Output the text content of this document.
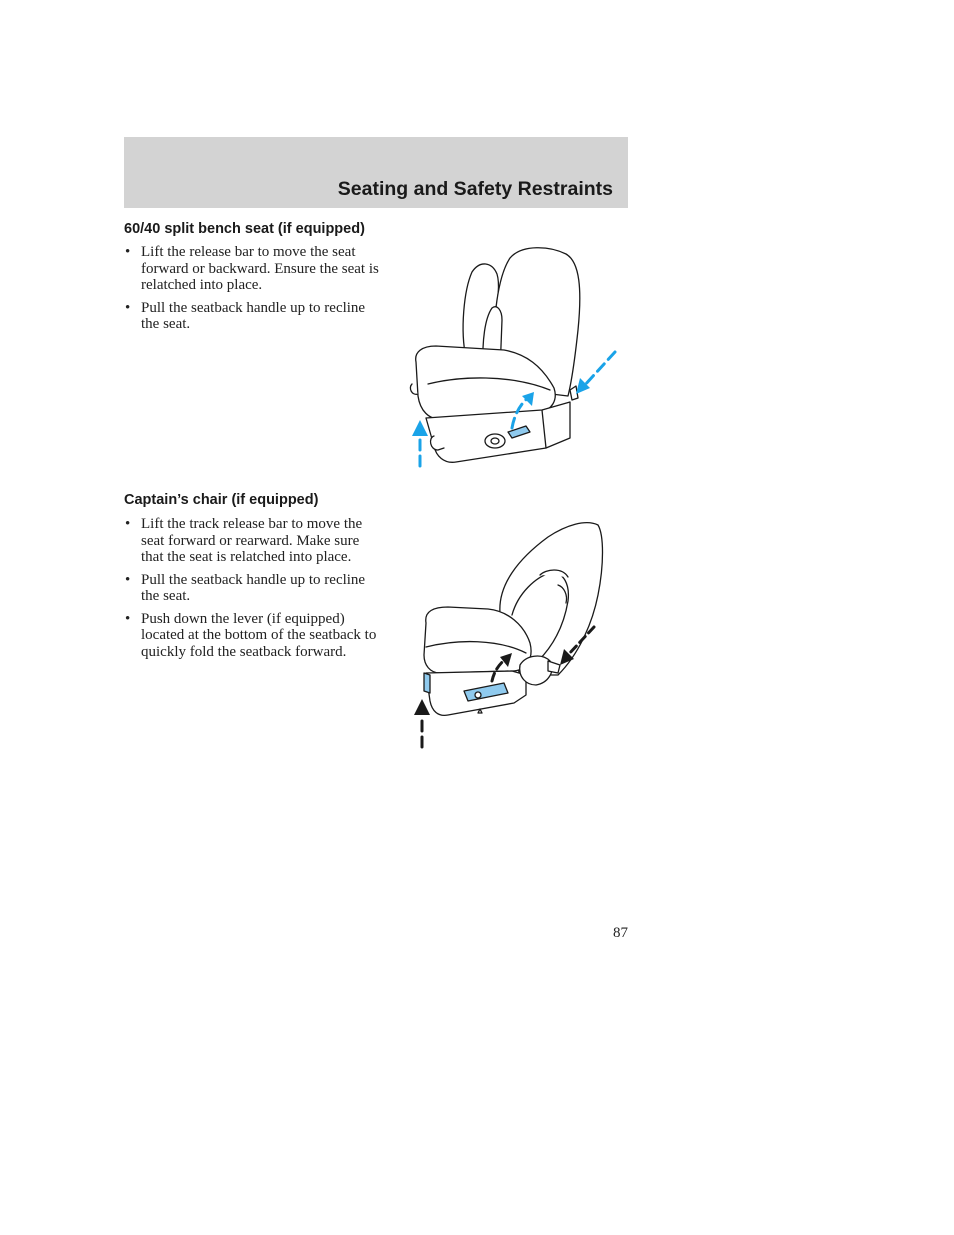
Seating and Safety Restraints
60/40 split bench seat (if equipped)
• Lift the release bar to move the seat forward or backward. Ensure the seat is relatched into place.
• Pull the seatback handle up to recline the seat.
Captain’s chair (if equipped)
• Lift the track release bar to move the seat forward or rearward. Make sure that the seat is relatched into place.
• Pull the seatback handle up to recline the seat.
• Push down the lever (if equipped) located at the bottom of the seatback to quickly fold the seatback forward.
87
